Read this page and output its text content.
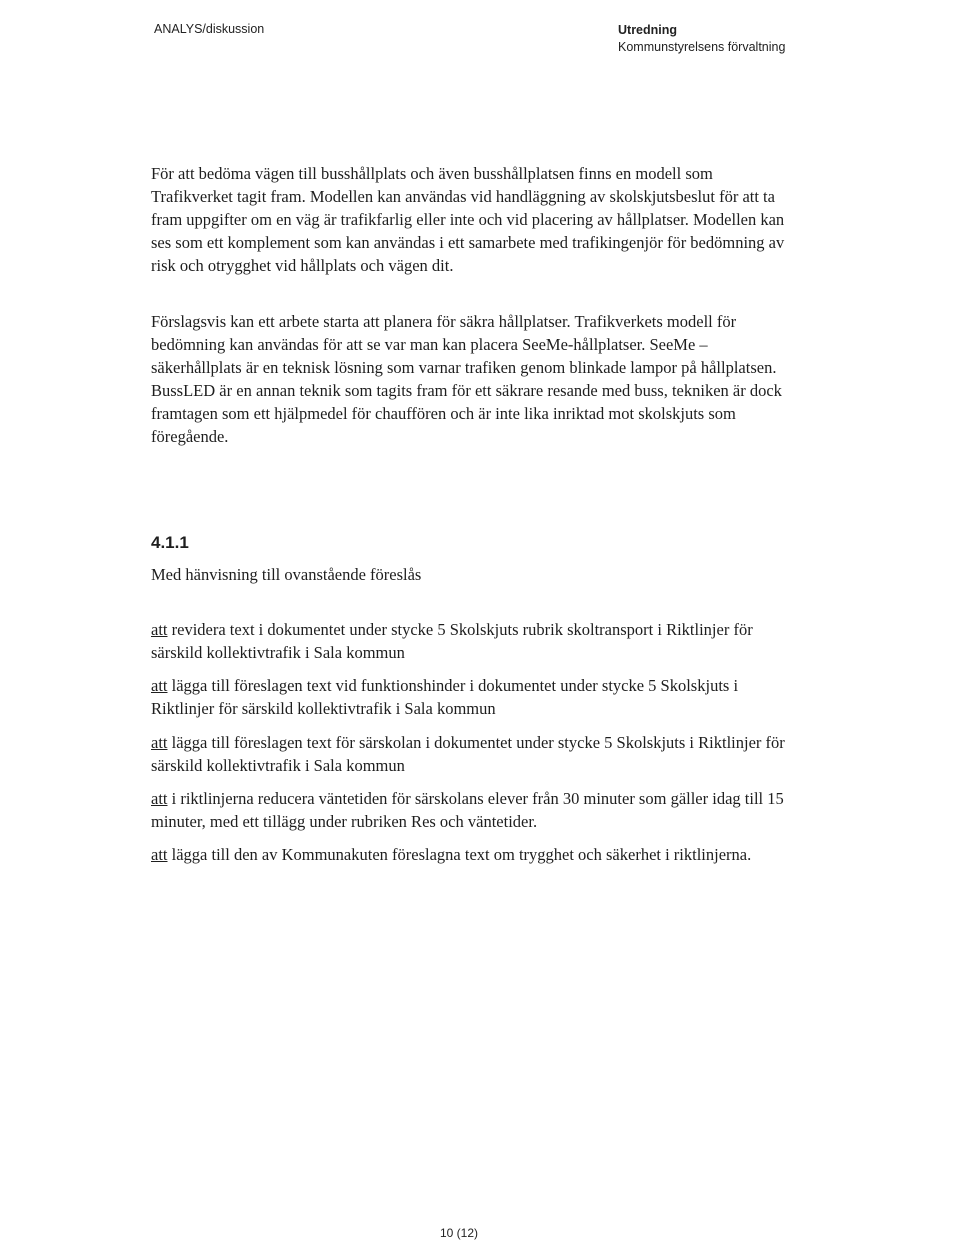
ANALYS/diskussion	Utredning
Kommunstyrelsens förvaltning

För att bedöma vägen till busshållplats och även busshållplatsen finns en modell som Trafikverket tagit fram. Modellen kan användas vid handläggning av skolskjutsbeslut för att ta fram uppgifter om en väg är trafikfarlig eller inte och vid placering av hållplatser. Modellen kan ses som ett komplement som kan användas i ett samarbete med trafikingenjör för bedömning av risk och otrygghet vid hållplats och vägen dit.

Förslagsvis kan ett arbete starta att planera för säkra hållplatser. Trafikverkets modell för bedömning kan användas för att se var man kan placera SeeMe-hållplatser. SeeMe – säkerhållplats är en teknisk lösning som varnar trafiken genom blinkade lampor på hållplatsen. BussLED är en annan teknik som tagits fram för ett säkrare resande med buss, tekniken är dock framtagen som ett hjälpmedel för chauffören och är inte lika inriktad mot skolskjuts som föregående.

4.1.1
Med hänvisning till ovanstående föreslås

att revidera text i dokumentet under stycke 5 Skolskjuts rubrik skoltransport i Riktlinjer för särskild kollektivtrafik i Sala kommun

att lägga till föreslagen text vid funktionshinder i dokumentet under stycke 5 Skolskjuts i Riktlinjer för särskild kollektivtrafik i Sala kommun

att lägga till föreslagen text för särskolan i dokumentet under stycke 5 Skolskjuts i Riktlinjer för särskild kollektivtrafik i Sala kommun

att i riktlinjerna reducera väntetiden för särskolans elever från 30 minuter som gäller idag till 15 minuter, med ett tillägg under rubriken Res och väntetider.

att lägga till den av Kommunakuten föreslagna text om trygghet och säkerhet i riktlinjerna.

10 (12)
